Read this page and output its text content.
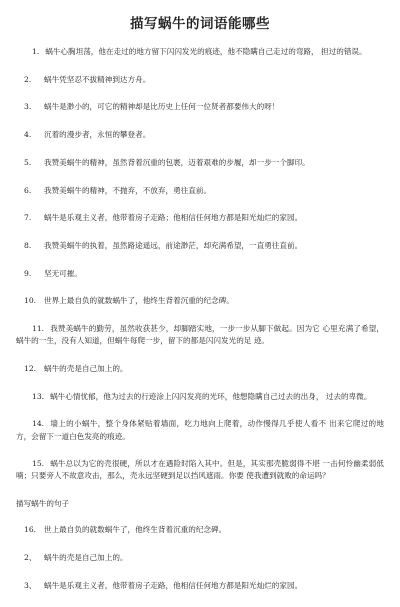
描写蜗牛的词语能哪些
1. 蜗牛心胸坦荡，他在走过的地方留下闪闪发光的痕迹，他不隐瞒自己走过的弯路， 担过的错误。
2. 蜗牛凭坚忍不拔精神到达方舟。
3. 蜗牛是渺小的，可它的精神却是比历史上任何一位贤者都要伟大的呀！
4. 沉着的漫步者，永恒的攀登者。
5. 我赞美蜗牛的精神，虽然背着沉重的包裹，迈着艰难的步履，却一步一个脚印。
6. 我赞美蜗牛的精神，不抛弃，不放弃，勇往直前。
7. 蜗牛是乐观主义者，他带着房子走路；他相信任何地方都是阳光灿烂的家园。
8. 我赞美蜗牛的执着，虽然路途遥远，前途渺茫，却充满希望，一直勇往直前。
9. 坚无可摧。
10. 世界上最自负的就数蜗牛了，他终生背着沉重的纪念碑。
11. 我赞美蜗牛的勤劳，虽然收获甚少，却脚踏实地，一步一步从脚下做起。因为它 心里充满了希望，蜗牛的一生，没有人知道，但蜗牛每爬一步，留下的都是闪闪发光的足 迹。
12. 蜗牛的壳是自己加上的。
13. 蜗牛心情忧郁，他为过去的行迹涂上闪闪发亮的光环，他想隐瞒自己过去的出身， 过去的卑微。
14. 墙上的小蜗牛，整个身体紧贴着墙面，吃力地向上爬着，动作慢得几乎使人看不 出来它爬过的地方，会留下一道白色发亮的痕迹。
15. 蜗牛总以为它的壳很硬，所以才在遇险时陷入其中。但是，其实那壳脆弱得不堪 一击何怜幽柔弱低喃；只要旁人不故意攻击，那么，壳永远坚硬到足以挡风遮雨。你要 使我遭到就败的命运吗？
描写蜗牛的句子
16. 世上最自负的就数蜗牛了，他终生背着沉重的纪念碑。
2、 蜗牛的壳是自己加上的。
3、 蜗牛是乐观主义者，他带着房子走路，他相信任何地方都是阳光灿烂的家园。
